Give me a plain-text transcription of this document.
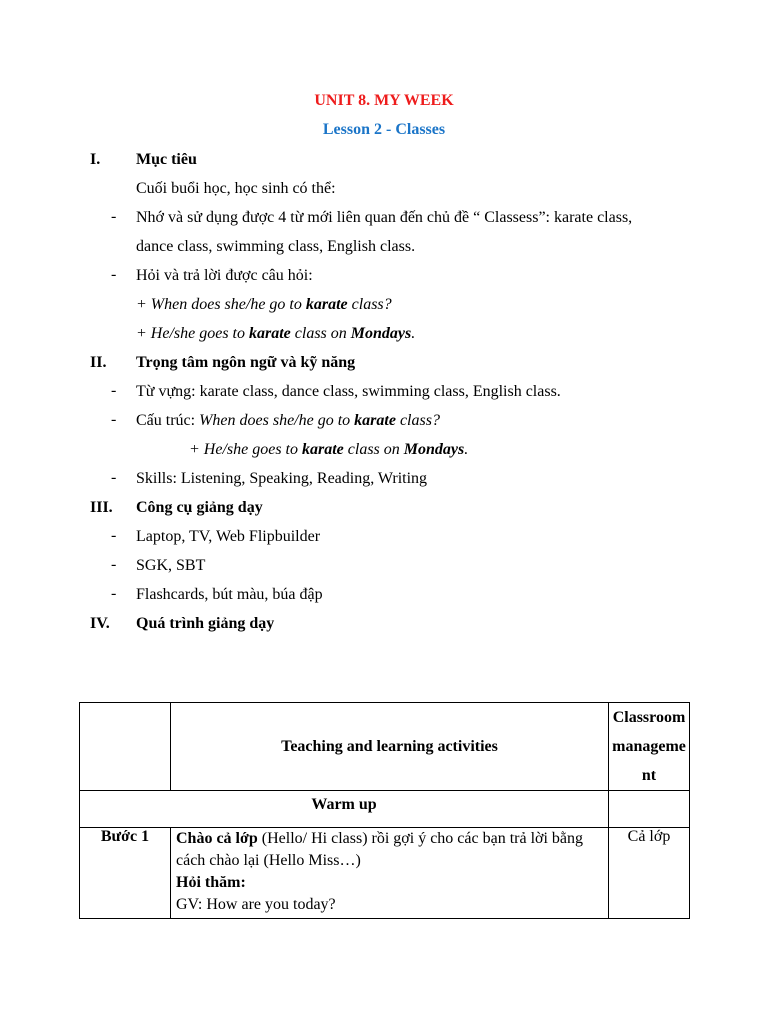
UNIT 8. MY WEEK
Lesson 2 - Classes
I. Mục tiêu
Cuối buổi học, học sinh có thể:
- Nhớ và sử dụng được 4 từ mới liên quan đến chủ đề “ Classess”: karate class,
dance class, swimming class, English class.
- Hỏi và trả lời được câu hỏi:
+ When does she/he go to karate class?
+ He/she goes to karate class on Mondays.
II. Trọng tâm ngôn ngữ và kỹ năng
- Từ vựng: karate class, dance class, swimming class, English class.
- Cấu trúc: When does she/he go to karate class?
+ He/she goes to karate class on Mondays.
- Skills: Listening, Speaking, Reading, Writing
III. Công cụ giảng dạy
- Laptop, TV, Web Flipbuilder
- SGK, SBT
- Flashcards, bút màu, búa đập
IV. Quá trình giảng dạy
	Teaching and learning activities	Classroom
manageme
nt

Warm up		
Bước 1	Chào cả lớp (Hello/ Hi class) rồi gợi ý cho các bạn trả lời bằng
cách chào lại (Hello Miss…)
Hỏi thăm:
GV: How are you today?	Cả lớp
